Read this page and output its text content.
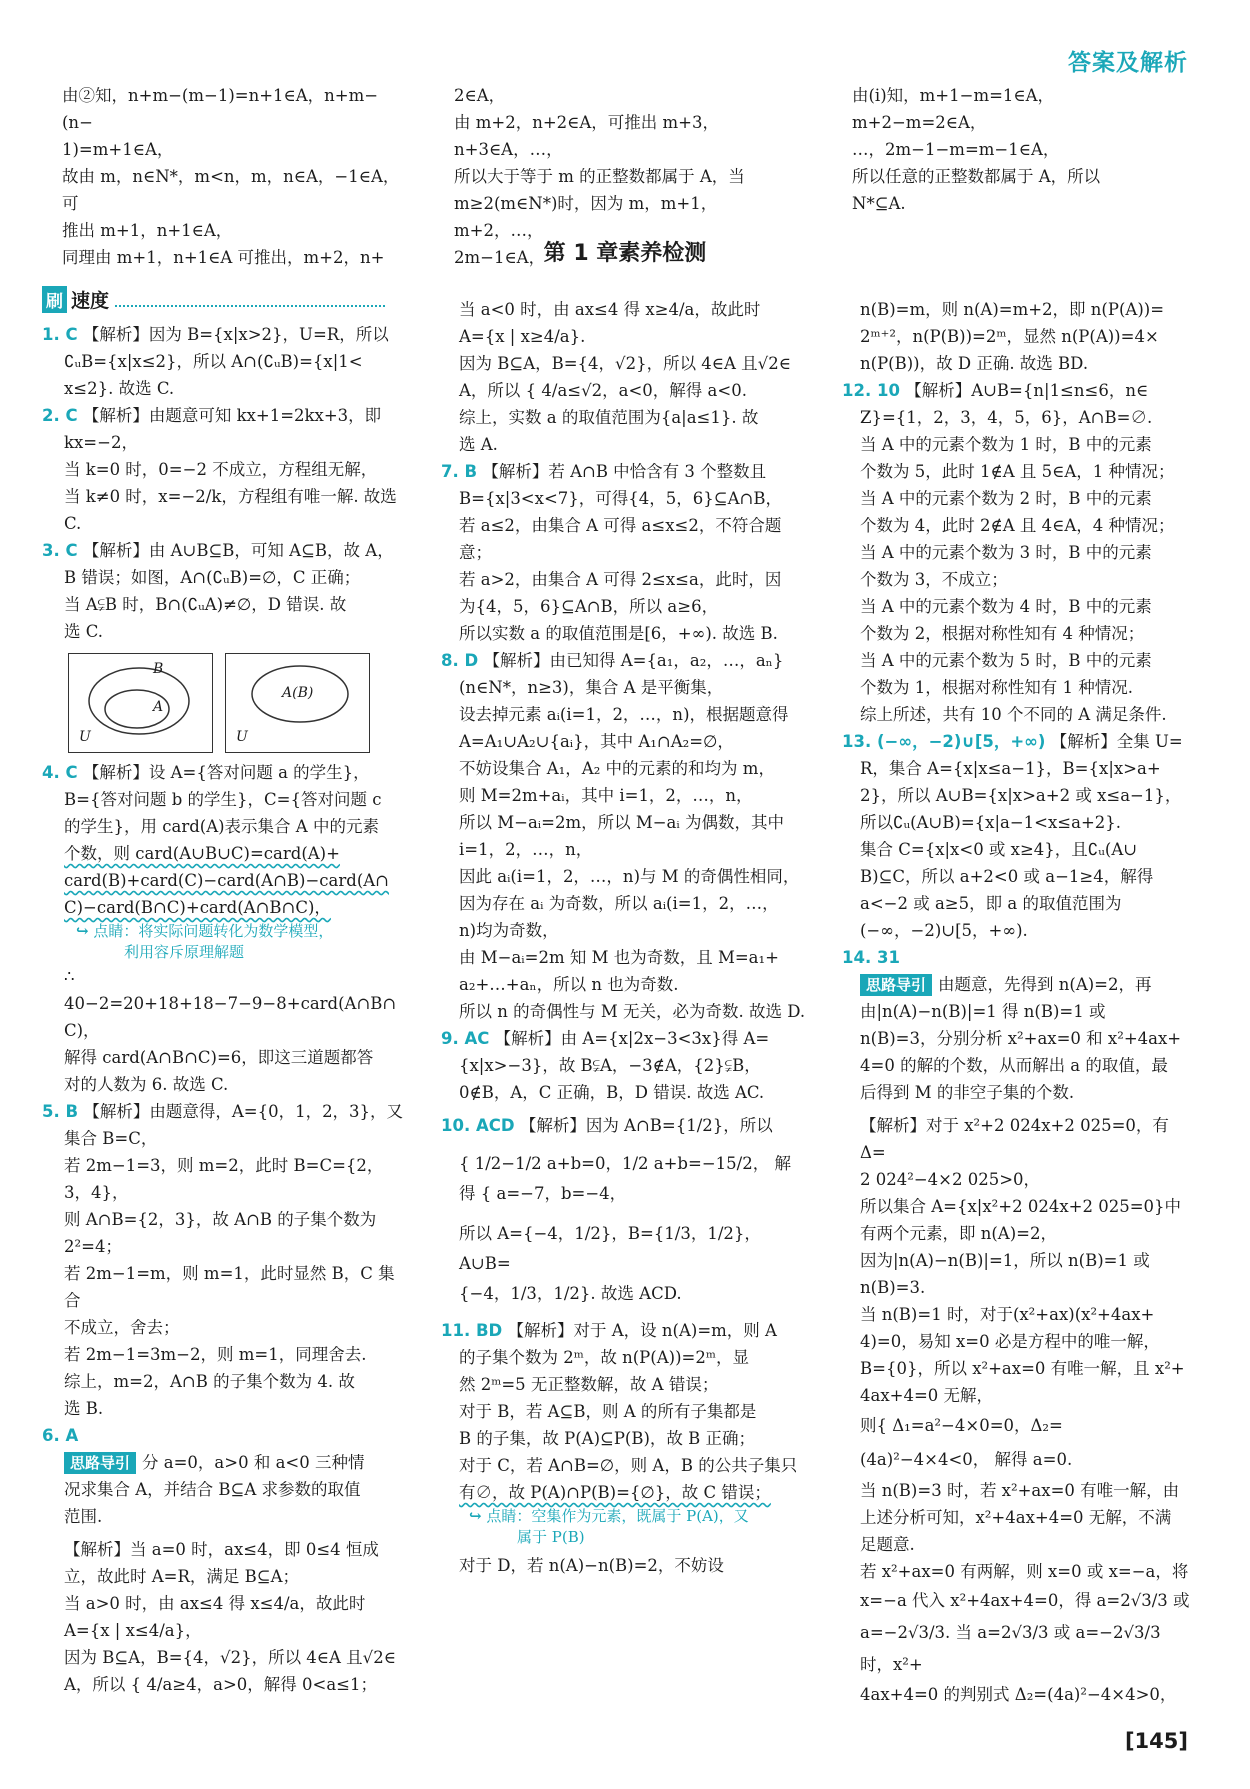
答案及解析

由②知，n+m−(m−1)=n+1∈A，n+m−(n−

1)=m+1∈A，

故由 m，n∈N*，m<n，m，n∈A，−1∈A，可

推出 m+1，n+1∈A，

同理由 m+1，n+1∈A 可推出，m+2，n+

2∈A，

由 m+2，n+2∈A，可推出 m+3，n+3∈A，…，

所以大于等于 m 的正整数都属于 A，当

m≥2(m∈N*)时，因为 m，m+1，m+2，…，

2m−1∈A，

由(ⅰ)知，m+1−m=1∈A，m+2−m=2∈A，

…，2m−1−m=m−1∈A，

所以任意的正整数都属于 A，所以

N*⊆A.

第 1 章素养检测
刷 速度

1. C 【解析】因为 B={x|x>2}，U=R，所以

∁ᵤB={x|x≤2}，所以 A∩(∁ᵤB)={x|1<

x≤2}. 故选 C.

2. C 【解析】由题意可知 kx+1=2kx+3，即

kx=−2，

当 k=0 时，0=−2 不成立，方程组无解，

当 k≠0 时，x=−2/k，方程组有唯一解. 故选 C.

3. C 【解析】由 A∪B⊆B，可知 A⊆B，故 A，

B 错误；如图，A∩(∁ᵤB)=∅，C 正确；

当 A⫋B 时，B∩(∁ᵤA)≠∅，D 错误. 故

选 C.

B
A
U
A(B)
U

4. C 【解析】设 A={答对问题 a 的学生}，

B={答对问题 b 的学生}，C={答对问题 c

的学生}，用 card(A)表示集合 A 中的元素

个数，则 card(A∪B∪C)=card(A)+

card(B)+card(C)−card(A∩B)−card(A∩

C)−card(B∩C)+card(A∩B∩C)，

↪ 点睛：将实际问题转化为数学模型，
利用容斥原理解题

∴ 40−2=20+18+18−7−9−8+card(A∩B∩

C)，

解得 card(A∩B∩C)=6，即这三道题都答

对的人数为 6. 故选 C.

5. B 【解析】由题意得，A={0，1，2，3}，又

集合 B=C，

若 2m−1=3，则 m=2，此时 B=C={2，3，4}，

则 A∩B={2，3}，故 A∩B 的子集个数为

2²=4；

若 2m−1=m，则 m=1，此时显然 B，C 集合

不成立，舍去；

若 2m−1=3m−2，则 m=1，同理舍去.

综上，m=2，A∩B 的子集个数为 4. 故

选 B.

6. A

思路导引 分 a=0，a>0 和 a<0 三种情

况求集合 A，并结合 B⊆A 求参数的取值

范围.

【解析】当 a=0 时，ax≤4，即 0≤4 恒成

立，故此时 A=R，满足 B⊆A；

当 a>0 时，由 ax≤4 得 x≤4/a，故此时

A={x | x≤4/a}，

因为 B⊆A，B={4，√2}，所以 4∈A 且√2∈

A，所以 { 4/a≥4，a>0，解得 0<a≤1；

当 a<0 时，由 ax≤4 得 x≥4/a，故此时

A={x | x≥4/a}.

因为 B⊆A，B={4，√2}，所以 4∈A 且√2∈

A，所以 { 4/a≤√2，a<0，解得 a<0.

综上，实数 a 的取值范围为{a|a≤1}. 故

选 A.

7. B 【解析】若 A∩B 中恰含有 3 个整数且

B={x|3<x<7}，可得{4，5，6}⊆A∩B，

若 a≤2，由集合 A 可得 a≤x≤2，不符合题意；

若 a>2，由集合 A 可得 2≤x≤a，此时，因

为{4，5，6}⊆A∩B，所以 a≥6，

所以实数 a 的取值范围是[6，+∞). 故选 B.

8. D 【解析】由已知得 A={a₁，a₂，…，aₙ}

(n∈N*，n≥3)，集合 A 是平衡集，

设去掉元素 aᵢ(i=1，2，…，n)，根据题意得

A=A₁∪A₂∪{aᵢ}，其中 A₁∩A₂=∅，

不妨设集合 A₁，A₂ 中的元素的和均为 m，

则 M=2m+aᵢ，其中 i=1，2，…，n，

所以 M−aᵢ=2m，所以 M−aᵢ 为偶数，其中

i=1，2，…，n，

因此 aᵢ(i=1，2，…，n)与 M 的奇偶性相同，

因为存在 aᵢ 为奇数，所以 aᵢ(i=1，2，…，

n)均为奇数，

由 M−aᵢ=2m 知 M 也为奇数，且 M=a₁+

a₂+…+aₙ，所以 n 也为奇数.

所以 n 的奇偶性与 M 无关，必为奇数. 故选 D.

9. AC 【解析】由 A={x|2x−3<3x}得 A=

{x|x>−3}，故 B⫋A，−3∉A，{2}⫋B，

0∉B，A，C 正确，B，D 错误. 故选 AC.

10. ACD 【解析】因为 A∩B={1/2}，所以

{ 1/2−1/2 a+b=0，1/2 a+b=−15/2， 解得 { a=−7，b=−4，

所以 A={−4，1/2}，B={1/3，1/2}，A∪B=

{−4，1/3，1/2}. 故选 ACD.

11. BD 【解析】对于 A，设 n(A)=m，则 A

的子集个数为 2ᵐ，故 n(P(A))=2ᵐ，显

然 2ᵐ=5 无正整数解，故 A 错误；

对于 B，若 A⊆B，则 A 的所有子集都是

B 的子集，故 P(A)⊆P(B)，故 B 正确；

对于 C，若 A∩B=∅，则 A，B 的公共子集只

有∅，故 P(A)∩P(B)={∅}，故 C 错误；

↪ 点睛：空集作为元素，既属于 P(A)，又
属于 P(B)

对于 D，若 n(A)−n(B)=2，不妨设

n(B)=m，则 n(A)=m+2，即 n(P(A))=

2ᵐ⁺²，n(P(B))=2ᵐ，显然 n(P(A))=4×

n(P(B))，故 D 正确. 故选 BD.

12. 10 【解析】A∪B={n|1≤n≤6，n∈

Z}={1，2，3，4，5，6}，A∩B=∅.

当 A 中的元素个数为 1 时，B 中的元素

个数为 5，此时 1∉A 且 5∈A，1 种情况；

当 A 中的元素个数为 2 时，B 中的元素

个数为 4，此时 2∉A 且 4∈A，4 种情况；

当 A 中的元素个数为 3 时，B 中的元素

个数为 3，不成立；

当 A 中的元素个数为 4 时，B 中的元素

个数为 2，根据对称性知有 4 种情况；

当 A 中的元素个数为 5 时，B 中的元素

个数为 1，根据对称性知有 1 种情况.

综上所述，共有 10 个不同的 A 满足条件.

13. (−∞，−2)∪[5，+∞) 【解析】全集 U=

R，集合 A={x|x≤a−1}，B={x|x>a+

2}，所以 A∪B={x|x>a+2 或 x≤a−1}，

所以∁ᵤ(A∪B)={x|a−1<x≤a+2}.

集合 C={x|x<0 或 x≥4}，且∁ᵤ(A∪

B)⊆C，所以 a+2<0 或 a−1≥4，解得

a<−2 或 a≥5，即 a 的取值范围为

(−∞，−2)∪[5，+∞).

14. 31

思路导引 由题意，先得到 n(A)=2，再

由|n(A)−n(B)|=1 得 n(B)=1 或

n(B)=3，分别分析 x²+ax=0 和 x²+4ax+

4=0 的解的个数，从而解出 a 的取值，最

后得到 M 的非空子集的个数.

【解析】对于 x²+2 024x+2 025=0，有 Δ=

2 024²−4×2 025>0，

所以集合 A={x|x²+2 024x+2 025=0}中

有两个元素，即 n(A)=2，

因为|n(A)−n(B)|=1，所以 n(B)=1 或

n(B)=3.

当 n(B)=1 时，对于(x²+ax)(x²+4ax+

4)=0，易知 x=0 必是方程中的唯一解，

B={0}，所以 x²+ax=0 有唯一解，且 x²+

4ax+4=0 无解，

则{ Δ₁=a²−4×0=0，Δ₂=(4a)²−4×4<0， 解得 a=0.

当 n(B)=3 时，若 x²+ax=0 有唯一解，由

上述分析可知，x²+4ax+4=0 无解，不满

足题意.

若 x²+ax=0 有两解，则 x=0 或 x=−a，将

x=−a 代入 x²+4ax+4=0，得 a=2√3/3 或

a=−2√3/3. 当 a=2√3/3 或 a=−2√3/3 时，x²+

4ax+4=0 的判别式 Δ₂=(4a)²−4×4>0，

[145]
